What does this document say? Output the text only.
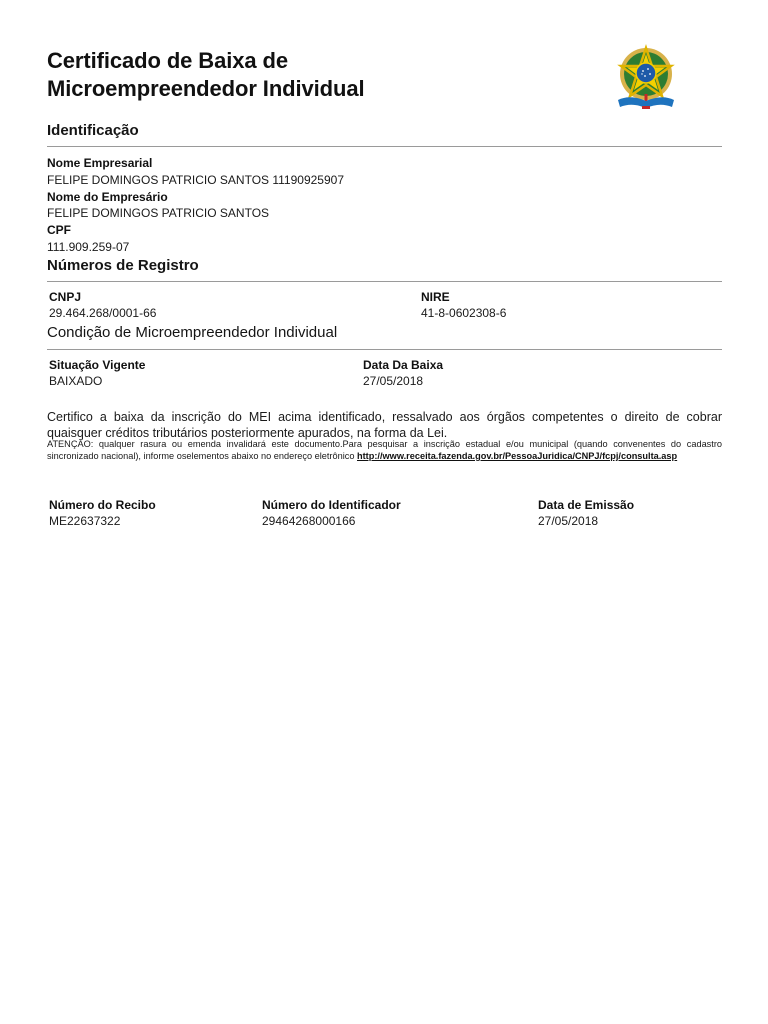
Certificado de Baixa de
Microempreendedor Individual
Identificação
Nome Empresarial
FELIPE DOMINGOS PATRICIO SANTOS 11190925907
Nome do Empresário
FELIPE DOMINGOS PATRICIO SANTOS
CPF
111.909.259-07
Números de Registro
CNPJ
29.464.268/0001-66
NIRE
41-8-0602308-6
Condição de Microempreendedor Individual
Situação Vigente
BAIXADO
Data Da Baixa
27/05/2018
Certifico a baixa da inscrição do MEI acima identificado, ressalvado aos órgãos competentes o direito de cobrar quaisquer créditos tributários posteriormente apurados, na forma da Lei.
ATENÇÃO: qualquer rasura ou emenda invalidará este documento.Para pesquisar a inscrição estadual e/ou municipal (quando convenentes do cadastro sincronizado nacional), informe oselementos abaixo no endereço eletrônico http://www.receita.fazenda.gov.br/PessoaJuridica/CNPJ/fcpj/consulta.asp
Número do Recibo
ME22637322
Número do Identificador
29464268000166
Data de Emissão
27/05/2018
